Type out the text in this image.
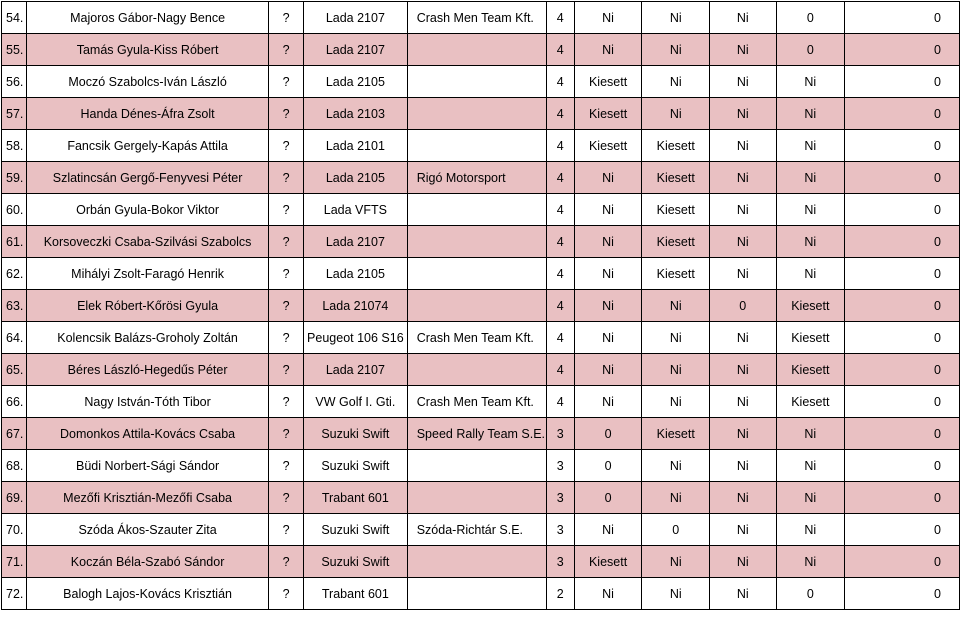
54.	Majoros Gábor-Nagy Bence	?	Lada 2107	Crash Men Team Kft.	4	Ni	Ni	Ni	0	0
55.	Tamás Gyula-Kiss Róbert	?	Lada 2107		4	Ni	Ni	Ni	0	0
56.	Moczó Szabolcs-Iván László	?	Lada 2105		4	Kiesett	Ni	Ni	Ni	0
57.	Handa Dénes-Áfra Zsolt	?	Lada 2103		4	Kiesett	Ni	Ni	Ni	0
58.	Fancsik Gergely-Kapás Attila	?	Lada 2101		4	Kiesett	Kiesett	Ni	Ni	0
59.	Szlatincsán Gergő-Fenyvesi Péter	?	Lada 2105	Rigó Motorsport	4	Ni	Kiesett	Ni	Ni	0
60.	Orbán Gyula-Bokor Viktor	?	Lada VFTS		4	Ni	Kiesett	Ni	Ni	0
61.	Korsoveczki Csaba-Szilvási Szabolcs	?	Lada 2107		4	Ni	Kiesett	Ni	Ni	0
62.	Mihályi Zsolt-Faragó Henrik	?	Lada 2105		4	Ni	Kiesett	Ni	Ni	0
63.	Elek Róbert-Kőrösi Gyula	?	Lada 21074		4	Ni	Ni	0	Kiesett	0
64.	Kolencsik Balázs-Groholy Zoltán	?	Peugeot 106 S16	Crash Men Team Kft.	4	Ni	Ni	Ni	Kiesett	0
65.	Béres László-Hegedűs Péter	?	Lada 2107		4	Ni	Ni	Ni	Kiesett	0
66.	Nagy István-Tóth Tibor	?	VW Golf I. Gti.	Crash Men Team Kft.	4	Ni	Ni	Ni	Kiesett	0
67.	Domonkos Attila-Kovács Csaba	?	Suzuki Swift	Speed Rally Team S.E.	3	0	Kiesett	Ni	Ni	0
68.	Büdi Norbert-Sági Sándor	?	Suzuki Swift		3	0	Ni	Ni	Ni	0
69.	Mezőfi Krisztián-Mezőfi Csaba	?	Trabant 601		3	0	Ni	Ni	Ni	0
70.	Szóda Ákos-Szauter Zita	?	Suzuki Swift	Szóda-Richtár S.E.	3	Ni	0	Ni	Ni	0
71.	Koczán Béla-Szabó Sándor	?	Suzuki Swift		3	Kiesett	Ni	Ni	Ni	0
72.	Balogh Lajos-Kovács Krisztián	?	Trabant 601		2	Ni	Ni	Ni	0	0
